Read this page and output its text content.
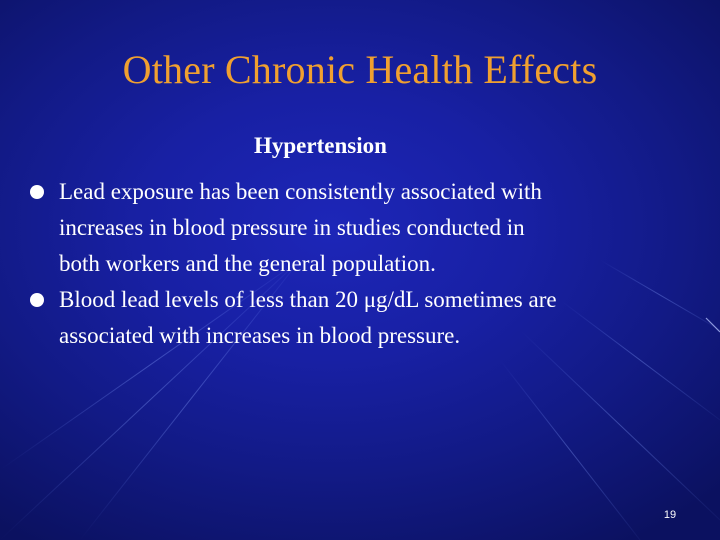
Other Chronic Health Effects
Hypertension
Lead exposure has been consistently associated with
increases in blood pressure in studies conducted in
both workers and the general population.
Blood lead levels of less than 20 μg/dL sometimes are
associated with increases in blood pressure.
19
